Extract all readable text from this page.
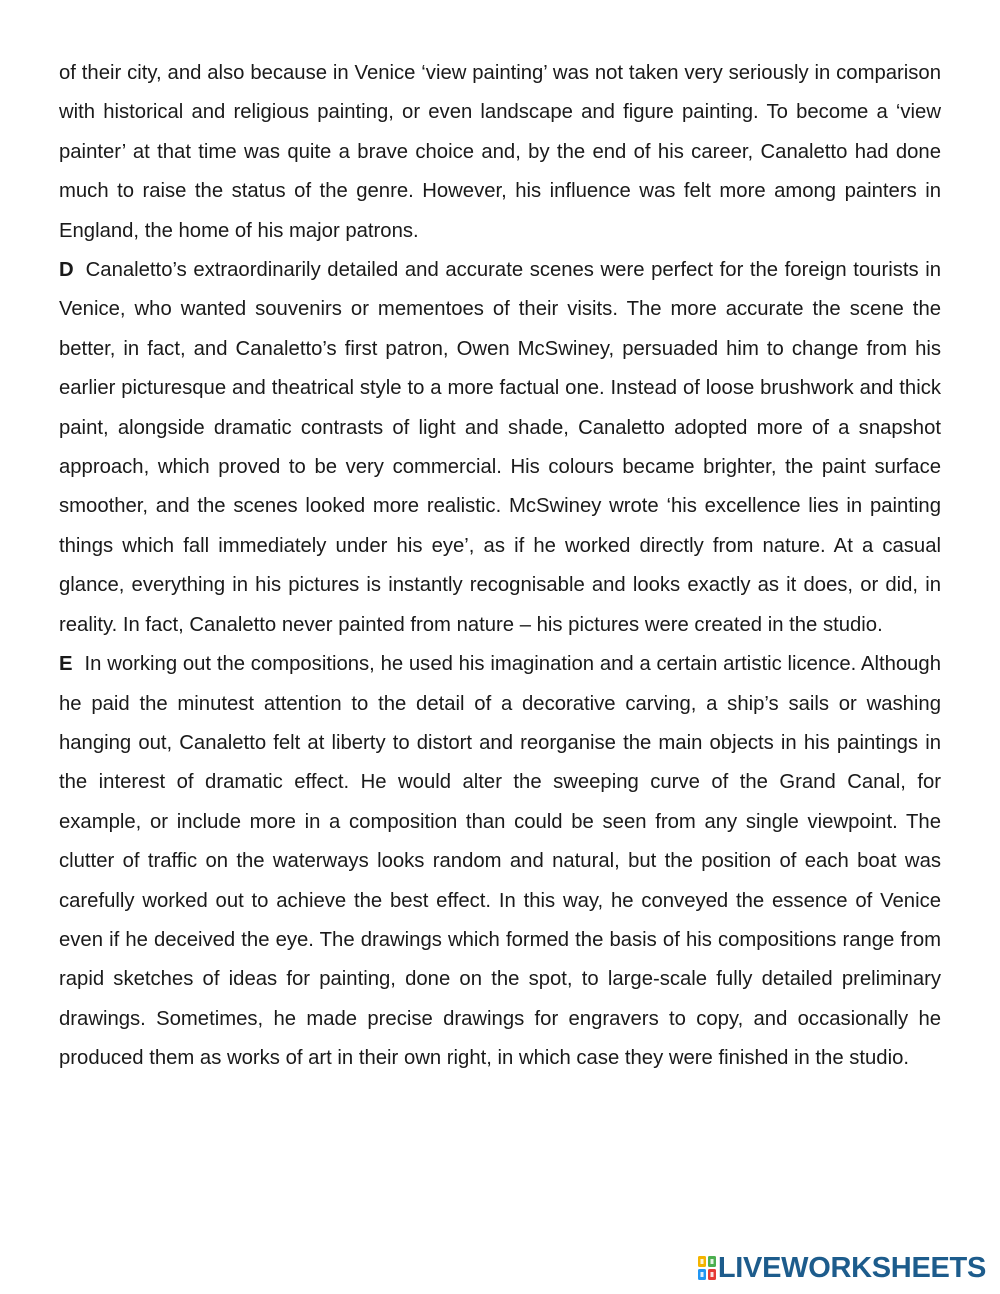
of their city, and also because in Venice ‘view painting’ was not taken very seriously in comparison with historical and religious painting, or even landscape and figure painting. To become a ‘view painter’ at that time was quite a brave choice and, by the end of his career, Canaletto had done much to raise the status of the genre. However, his influence was felt more among painters in England, the home of his major patrons.

D Canaletto’s extraordinarily detailed and accurate scenes were perfect for the foreign tourists in Venice, who wanted souvenirs or mementoes of their visits. The more accurate the scene the better, in fact, and Canaletto’s first patron, Owen McSwiney, persuaded him to change from his earlier picturesque and theatrical style to a more factual one. Instead of loose brushwork and thick paint, alongside dramatic contrasts of light and shade, Canaletto adopted more of a snapshot approach, which proved to be very commercial. His colours became brighter, the paint surface smoother, and the scenes looked more realistic. McSwiney wrote ‘his excellence lies in painting things which fall immediately under his eye’, as if he worked directly from nature. At a casual glance, everything in his pictures is instantly recognisable and looks exactly as it does, or did, in reality. In fact, Canaletto never painted from nature – his pictures were created in the studio.

E In working out the compositions, he used his imagination and a certain artistic licence. Although he paid the minutest attention to the detail of a decorative carving, a ship’s sails or washing hanging out, Canaletto felt at liberty to distort and reorganise the main objects in his paintings in the interest of dramatic effect. He would alter the sweeping curve of the Grand Canal, for example, or include more in a composition than could be seen from any single viewpoint. The clutter of traffic on the waterways looks random and natural, but the position of each boat was carefully worked out to achieve the best effect. In this way, he conveyed the essence of Venice even if he deceived the eye. The drawings which formed the basis of his compositions range from rapid sketches of ideas for painting, done on the spot, to large-scale fully detailed preliminary drawings. Sometimes, he made precise drawings for engravers to copy, and occasionally he produced them as works of art in their own right, in which case they were finished in the studio.

LIVEWORKSHEETS
